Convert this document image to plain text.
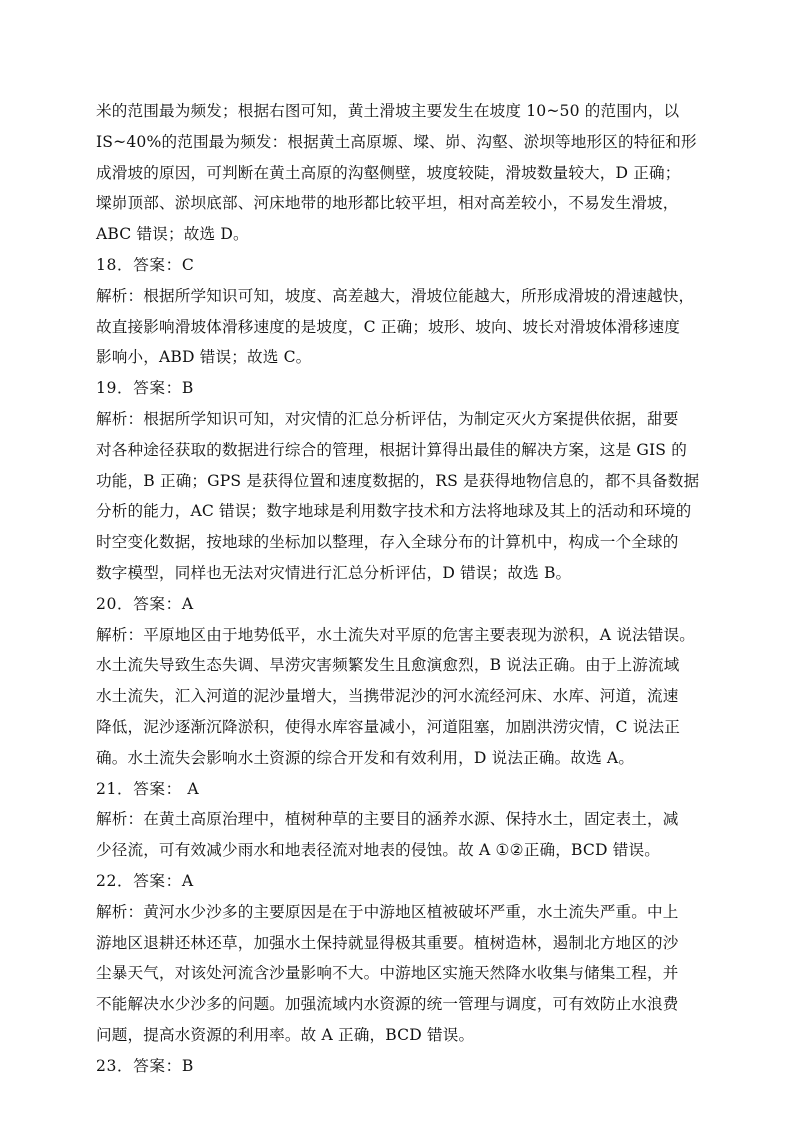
米的范围最为频发；根据右图可知，黄土滑坡主要发生在坡度 10~50 的范围内，以
IS~40%的范围最为频发：根据黄土高原塬、墚、峁、沟壑、淤坝等地形区的特征和形
成滑坡的原因，可判断在黄土高原的沟壑侧壁，坡度较陡，滑坡数量较大，D 正确；
墚峁顶部、淤坝底部、河床地带的地形都比较平坦，相对高差较小，不易发生滑坡，
ABC 错误；故选 D。
18．答案：C
解析：根据所学知识可知，坡度、高差越大，滑坡位能越大，所形成滑坡的滑速越快，
故直接影响滑坡体滑移速度的是坡度，C 正确；坡形、坡向、坡长对滑坡体滑移速度
影响小，ABD 错误；故选 C。
19．答案：B
解析：根据所学知识可知，对灾情的汇总分析评估，为制定灭火方案提供依据，甜要
对各种途径获取的数据进行综合的管理，根据计算得出最佳的解决方案，这是 GIS 的
功能，B 正确；GPS 是获得位置和速度数据的，RS 是获得地物信息的，都不具备数据
分析的能力，AC 错误；数字地球是利用数字技术和方法将地球及其上的活动和环境的
时空变化数据，按地球的坐标加以整理，存入全球分布的计算机中，构成一个全球的
数字模型，同样也无法对灾情进行汇总分析评估，D 错误；故选 B。
20．答案：A
解析：平原地区由于地势低平，水土流失对平原的危害主要表现为淤积，A 说法错误。
水土流失导致生态失调、旱涝灾害频繁发生且愈演愈烈，B 说法正确。由于上游流域
水土流失，汇入河道的泥沙量增大，当携带泥沙的河水流经河床、水库、河道，流速
降低，泥沙逐渐沉降淤积，使得水库容量减小，河道阻塞，加剧洪涝灾情，C 说法正
确。水土流失会影响水土资源的综合开发和有效利用，D 说法正确。故选 A。
21．答案： A
解析：在黄土高原治理中，植树种草的主要目的涵养水源、保持水土，固定表土，减
少径流，可有效减少雨水和地表径流对地表的侵蚀。故 A ①②正确，BCD 错误。
22．答案：A
解析：黄河水少沙多的主要原因是在于中游地区植被破坏严重，水土流失严重。中上
游地区退耕还林还草，加强水土保持就显得极其重要。植树造林，遏制北方地区的沙
尘暴天气，对该处河流含沙量影响不大。中游地区实施天然降水收集与储集工程，并
不能解决水少沙多的问题。加强流域内水资源的统一管理与调度，可有效防止水浪费
问题，提高水资源的利用率。故 A 正确，BCD 错误。
23．答案：B
